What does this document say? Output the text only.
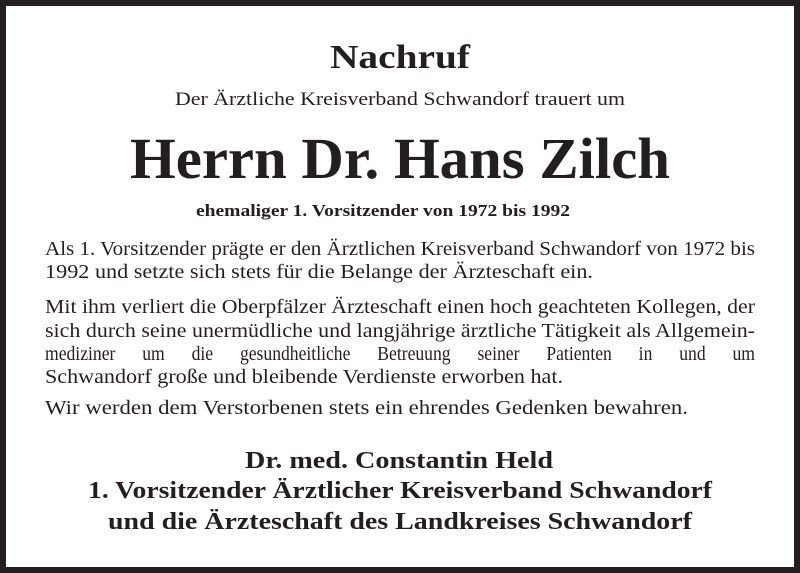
Nachruf
Der Ärztliche Kreisverband Schwandorf trauert um
Herrn Dr. Hans Zilch
ehemaliger 1. Vorsitzender von 1972 bis 1992
Als 1. Vorsitzender prägte er den Ärztlichen Kreisverband Schwandorf von 1972 bis
1992 und setzte sich stets für die Belange der Ärzteschaft ein.
Mit ihm verliert die Oberpfälzer Ärzteschaft einen hoch geachteten Kollegen, der
sich durch seine unermüdliche und langjährige ärztliche Tätigkeit als Allgemein-
mediziner um die gesundheitliche Betreuung seiner Patienten in und um
Schwandorf große und bleibende Verdienste erworben hat.
Wir werden dem Verstorbenen stets ein ehrendes Gedenken bewahren.
Dr. med. Constantin Held
1. Vorsitzender Ärztlicher Kreisverband Schwandorf
und die Ärzteschaft des Landkreises Schwandorf
